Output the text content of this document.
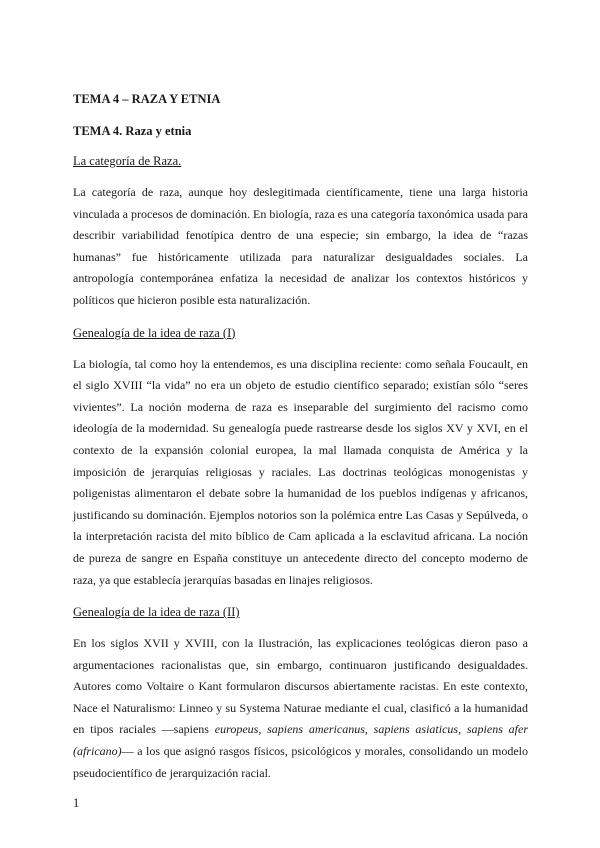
TEMA 4 – RAZA Y ETNIA
TEMA 4. Raza y etnia
La categoría de Raza.

La categoría de raza, aunque hoy deslegitimada científicamente, tiene una larga historia vinculada a procesos de dominación. En biología, raza es una categoría taxonómica usada para describir variabilidad fenotípica dentro de una especie; sin embargo, la idea de “razas humanas” fue históricamente utilizada para naturalizar desigualdades sociales. La antropología contemporánea enfatiza la necesidad de analizar los contextos históricos y políticos que hicieron posible esta naturalización.

Genealogía de la idea de raza (I)

La biología, tal como hoy la entendemos, es una disciplina reciente: como señala Foucault, en el siglo XVIII “la vida” no era un objeto de estudio científico separado; existían sólo “seres vivientes”. La noción moderna de raza es inseparable del surgimiento del racismo como ideología de la modernidad. Su genealogía puede rastrearse desde los siglos XV y XVI, en el contexto de la expansión colonial europea, la mal llamada conquista de América y la imposición de jerarquías religiosas y raciales. Las doctrinas teológicas monogenistas y poligenistas alimentaron el debate sobre la humanidad de los pueblos indígenas y africanos, justificando su dominación. Ejemplos notorios son la polémica entre Las Casas y Sepúlveda, o la interpretación racista del mito bíblico de Cam aplicada a la esclavitud africana. La noción de pureza de sangre en España constituye un antecedente directo del concepto moderno de raza, ya que establecía jerarquías basadas en linajes religiosos.

Genealogía de la idea de raza (II)

En los siglos XVII y XVIII, con la Ilustración, las explicaciones teológicas dieron paso a argumentaciones racionalistas que, sin embargo, continuaron justificando desigualdades. Autores como Voltaire o Kant formularon discursos abiertamente racistas. En este contexto, Nace el Naturalismo: Linneo y su Systema Naturae mediante el cual, clasificó a la humanidad en tipos raciales —sapiens europeus, sapiens americanus, sapiens asiaticus, sapiens afer (africano)— a los que asignó rasgos físicos, psicológicos y morales, consolidando un modelo pseudocientífico de jerarquización racial.

1
